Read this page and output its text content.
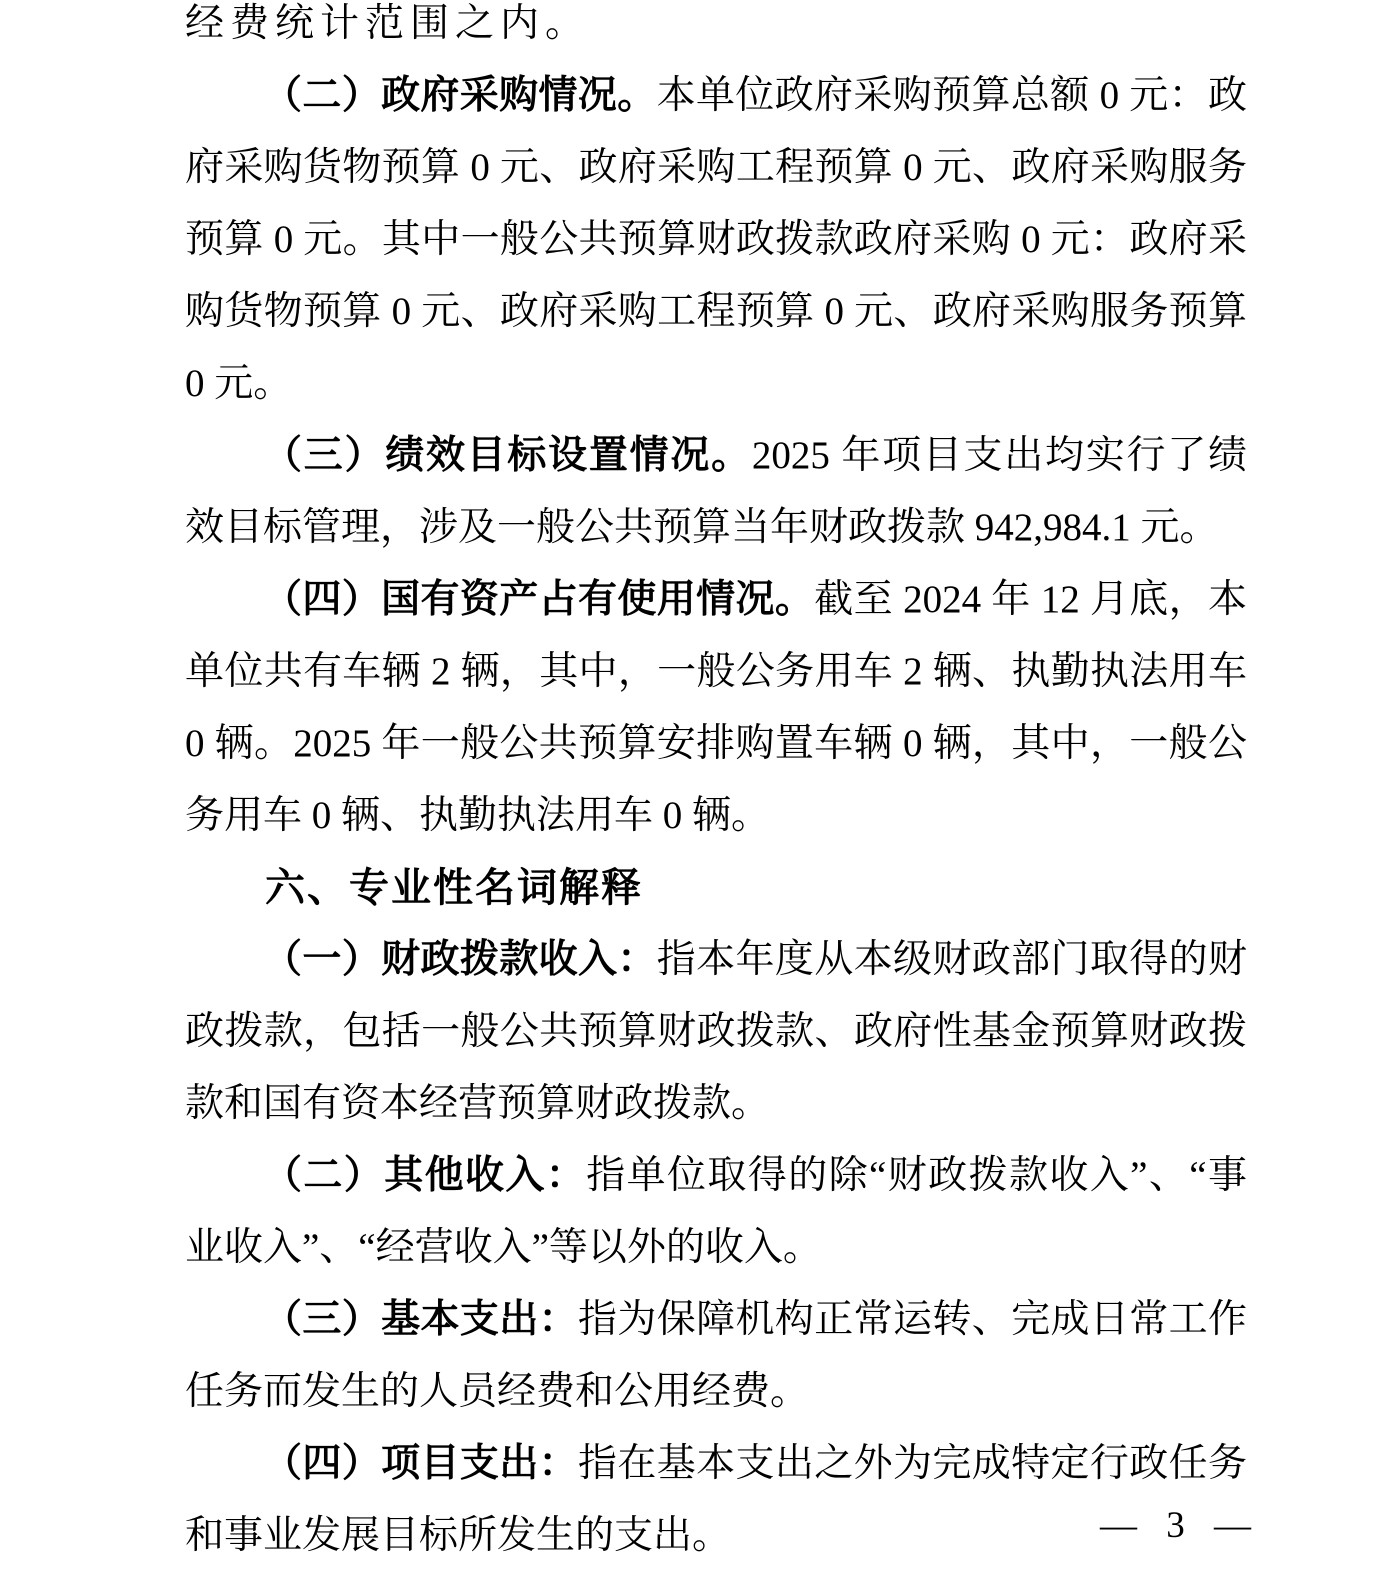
经费统计范围之内。

（二）政府采购情况。本单位政府采购预算总额 0 元：政府采购货物预算 0 元、政府采购工程预算 0 元、政府采购服务预算 0 元。其中一般公共预算财政拨款政府采购 0 元：政府采购货物预算 0 元、政府采购工程预算 0 元、政府采购服务预算 0 元。

（三）绩效目标设置情况。2025 年项目支出均实行了绩效目标管理，涉及一般公共预算当年财政拨款 942,984.1 元。

（四）国有资产占有使用情况。截至 2024 年 12 月底，本单位共有车辆 2 辆，其中，一般公务用车 2 辆、执勤执法用车 0 辆。2025 年一般公共预算安排购置车辆 0 辆，其中，一般公务用车 0 辆、执勤执法用车 0 辆。

六、专业性名词解释

（一）财政拨款收入：指本年度从本级财政部门取得的财政拨款，包括一般公共预算财政拨款、政府性基金预算财政拨款和国有资本经营预算财政拨款。

（二）其他收入：指单位取得的除“财政拨款收入”、“事业收入”、“经营收入”等以外的收入。

（三）基本支出：指为保障机构正常运转、完成日常工作任务而发生的人员经费和公用经费。

（四）项目支出：指在基本支出之外为完成特定行政任务和事业发展目标所发生的支出。	— 3 —
